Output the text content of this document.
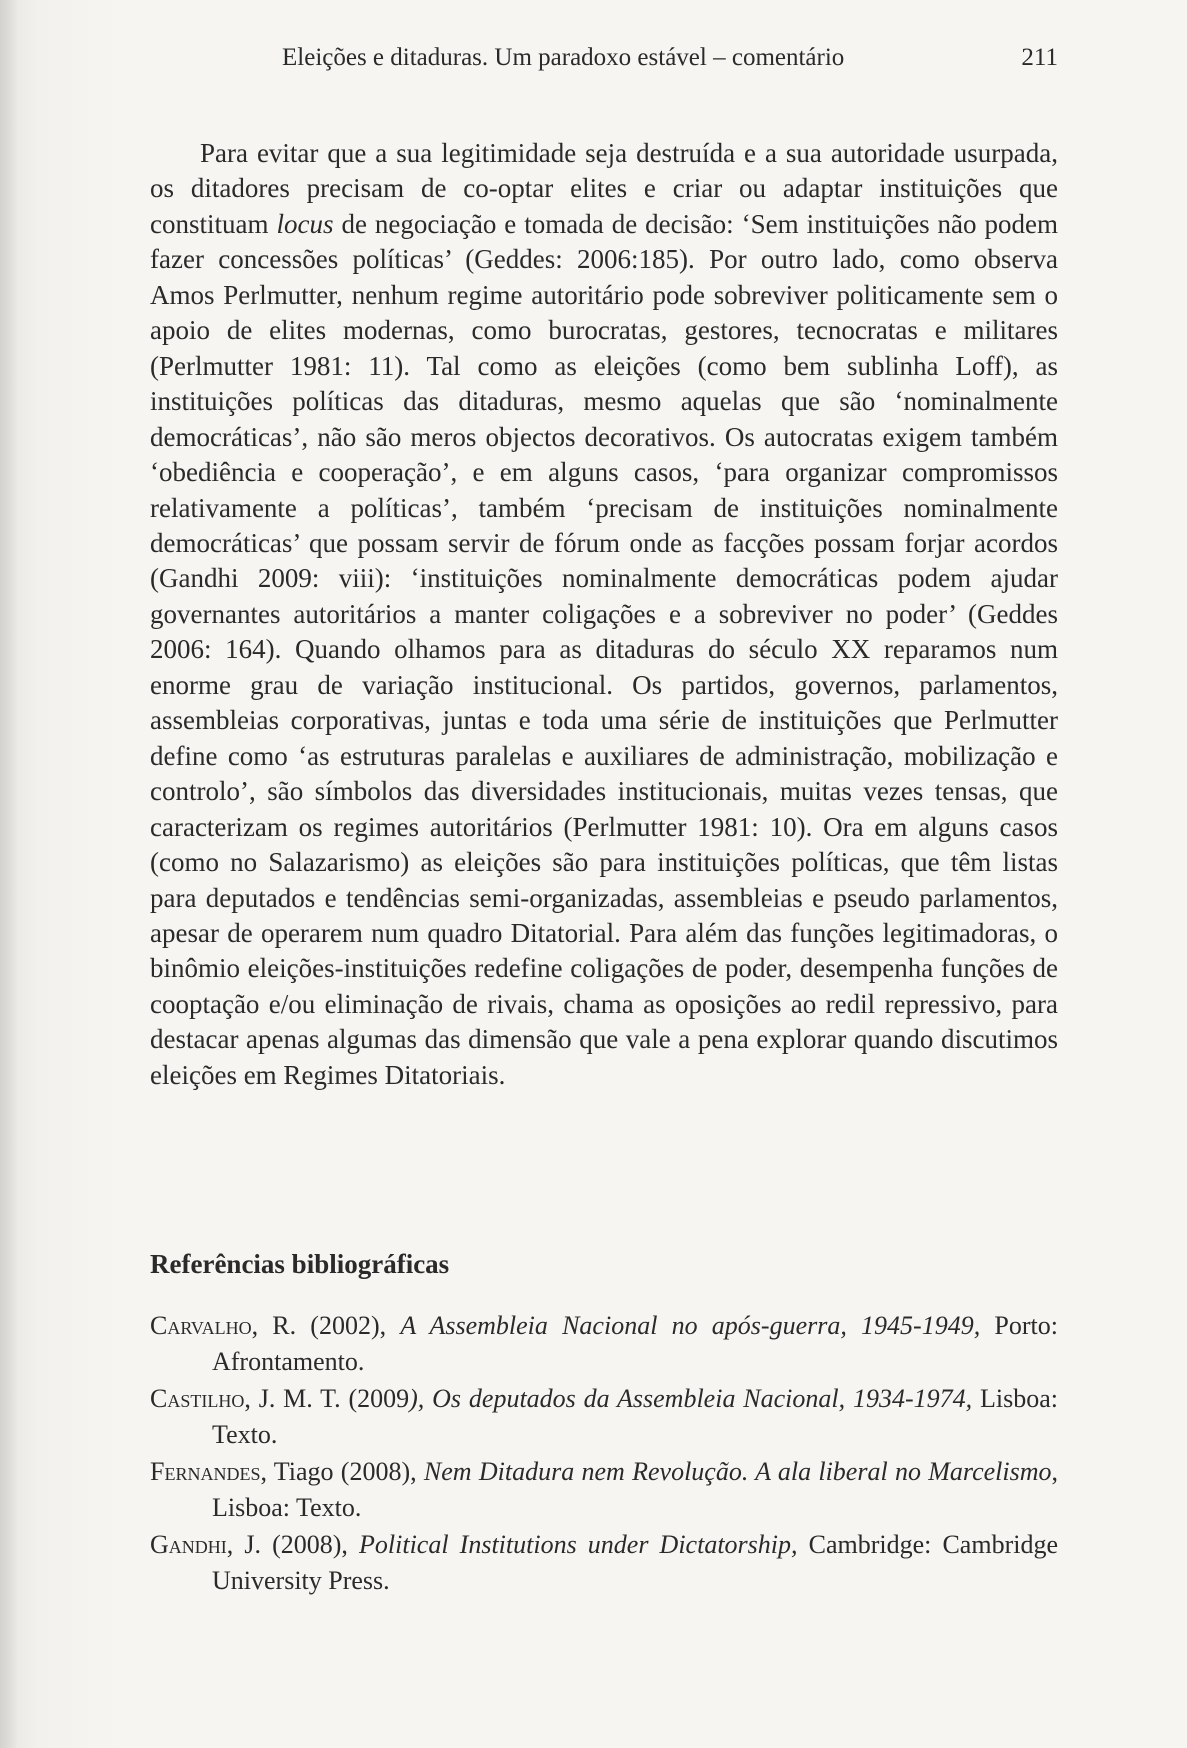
Eleições e ditaduras. Um paradoxo estável – comentário	211

Para evitar que a sua legitimidade seja destruída e a sua autoridade usurpada, os ditadores precisam de co-optar elites e criar ou adaptar instituições que constituam locus de negociação e tomada de decisão: ‘Sem instituições não podem fazer concessões políticas’ (Geddes: 2006:185). Por outro lado, como observa Amos Perlmutter, nenhum regime autoritário pode sobreviver politicamente sem o apoio de elites modernas, como burocratas, gestores, tecnocratas e militares (Perlmutter 1981: 11). Tal como as eleições (como bem sublinha Loff), as instituições políticas das ditaduras, mesmo aquelas que são ‘nominalmente democráticas’, não são meros objectos decorativos. Os autocratas exigem também ‘obediência e cooperação’, e em alguns casos, ‘para organizar compromissos relativamente a políticas’, também ‘precisam de instituições nominalmente democráticas’ que possam servir de fórum onde as facções possam forjar acordos (Gandhi 2009: viii): ‘instituições nominalmente democráticas podem ajudar governantes autoritários a manter coligações e a sobreviver no poder’ (Geddes 2006: 164). Quando olhamos para as ditaduras do século XX reparamos num enorme grau de variação institucional. Os partidos, governos, parlamentos, assembleias corporativas, juntas e toda uma série de instituições que Perlmutter define como ‘as estruturas paralelas e auxiliares de administração, mobilização e controlo’, são símbolos das diversidades institucionais, muitas vezes tensas, que caracterizam os regimes autoritários (Perlmutter 1981: 10). Ora em alguns casos (como no Salazarismo) as eleições são para instituições políticas, que têm listas para deputados e tendências semi-organizadas, assembleias e pseudo parlamentos, apesar de operarem num quadro Ditatorial. Para além das funções legitimadoras, o binômio eleições-instituições redefine coligações de poder, desempenha funções de cooptação e/ou eliminação de rivais, chama as oposições ao redil repressivo, para destacar apenas algumas das dimensão que vale a pena explorar quando discutimos eleições em Regimes Ditatoriais.

Referências bibliográficas
Carvalho, R. (2002), A Assembleia Nacional no após-guerra, 1945-1949, Porto: Afrontamento.
Castilho, J. M. T. (2009), Os deputados da Assembleia Nacional, 1934-1974, Lisboa: Texto.
Fernandes, Tiago (2008), Nem Ditadura nem Revolução. A ala liberal no Marcelismo, Lisboa: Texto.
Gandhi, J. (2008), Political Institutions under Dictatorship, Cambridge: Cambridge University Press.
